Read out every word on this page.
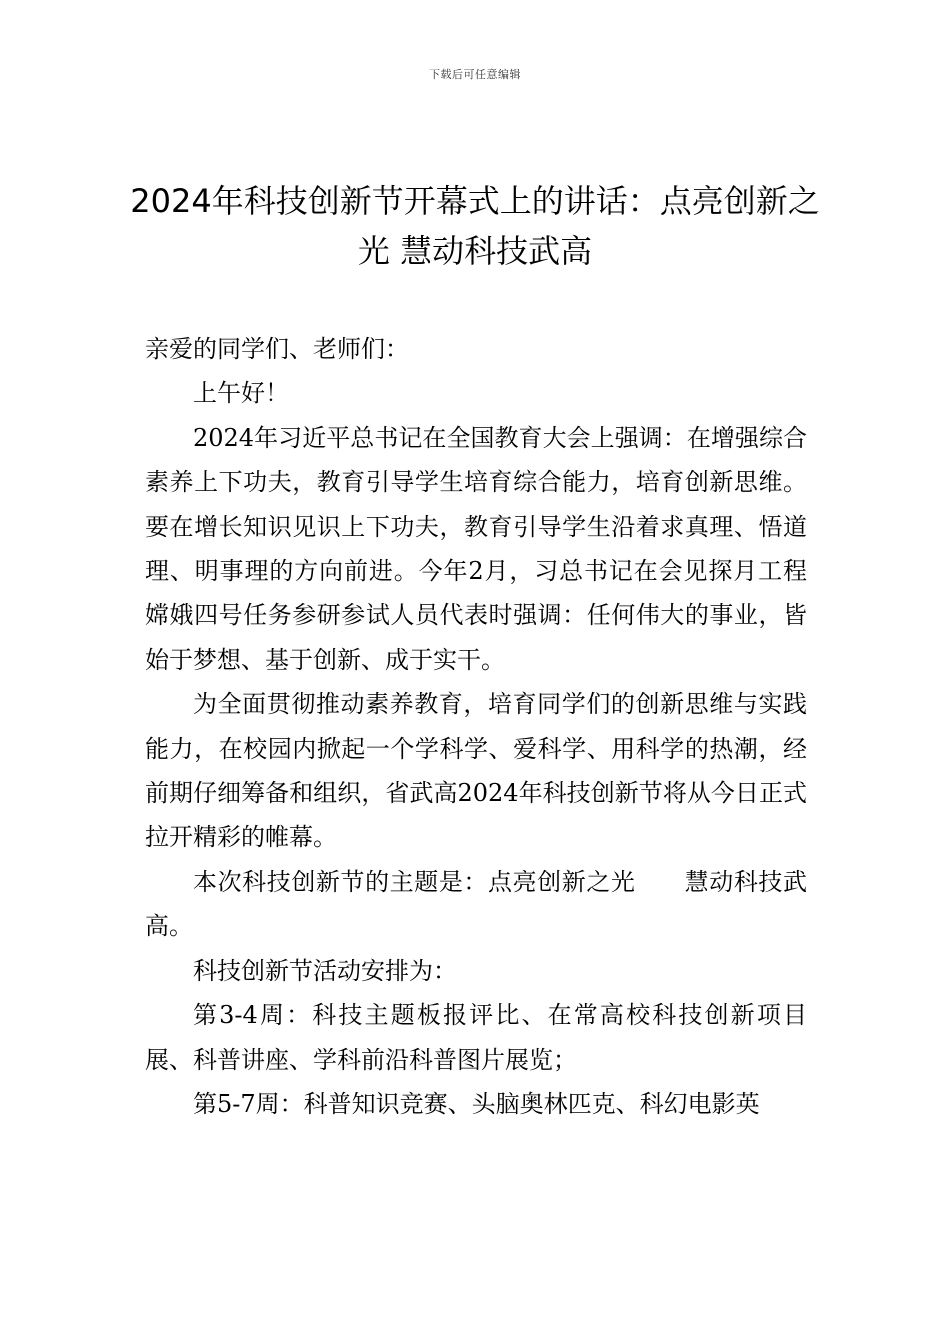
下载后可任意编辑
2024年科技创新节开幕式上的讲话：点亮创新之光 慧动科技武高

亲爱的同学们、老师们：

上午好！

2024年习近平总书记在全国教育大会上强调：在增强综合素养上下功夫，教育引导学生培育综合能力，培育创新思维。要在增长知识见识上下功夫，教育引导学生沿着求真理、悟道理、明事理的方向前进。今年2月，习总书记在会见探月工程嫦娥四号任务参研参试人员代表时强调：任何伟大的事业，皆始于梦想、基于创新、成于实干。

为全面贯彻推动素养教育，培育同学们的创新思维与实践能力，在校园内掀起一个学科学、爱科学、用科学的热潮，经前期仔细筹备和组织，省武高2024年科技创新节将从今日正式拉开精彩的帷幕。

本次科技创新节的主题是：点亮创新之光　　慧动科技武高。

科技创新节活动安排为：

第3-4周：科技主题板报评比、在常高校科技创新项目展、科普讲座、学科前沿科普图片展览；

第5-7周：科普知识竞赛、头脑奥林匹克、科幻电影英
